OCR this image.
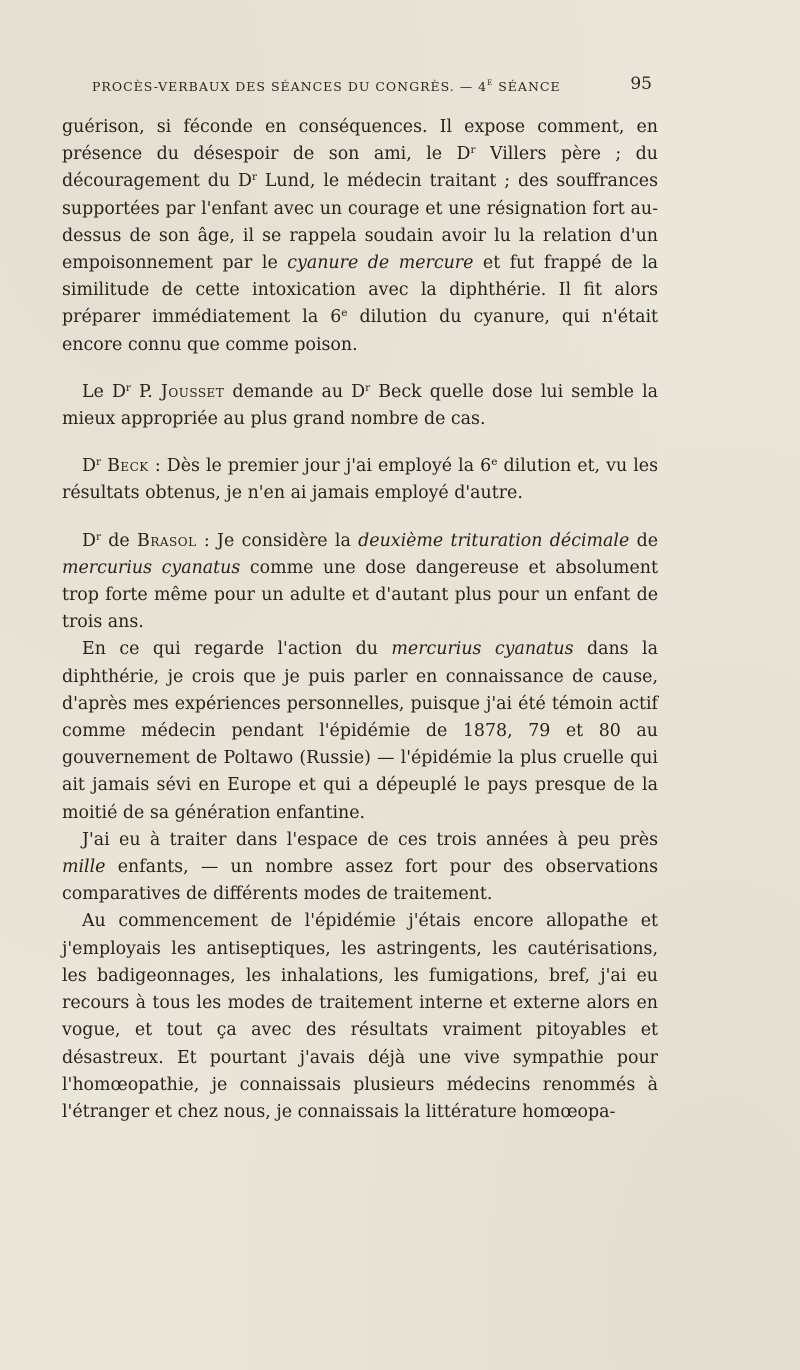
PROCÈS-VERBAUX DES SÉANCES DU CONGRÈS. — 4e SÉANCE	95

guérison, si féconde en conséquences. Il expose comment, en présence du désespoir de son ami, le $D^r$ Villers père ; du découragement du $D^r$ Lund, le médecin traitant ; des souffrances supportées par l'enfant avec un courage et une résignation fort au-dessus de son âge, il se rappela soudain avoir lu la relation d'un empoisonnement par le cyanure de mercure et fut frappé de la similitude de cette intoxication avec la diphthérie. Il fit alors préparer immédiatement la 6e dilution du cyanure, qui n'était encore connu que comme poison.

Le $D^r$ P. Jousset demande au $D^r$ Beck quelle dose lui semble la mieux appropriée au plus grand nombre de cas.

$D^r$ Beck : Dès le premier jour j'ai employé la 6e dilution et, vu les résultats obtenus, je n'en ai jamais employé d'autre.

$D^r$ de Brasol : Je considère la deuxième trituration décimale de mercurius cyanatus comme une dose dangereuse et absolument trop forte même pour un adulte et d'autant plus pour un enfant de trois ans.

En ce qui regarde l'action du mercurius cyanatus dans la diphthérie, je crois que je puis parler en connaissance de cause, d'après mes expériences personnelles, puisque j'ai été témoin actif comme médecin pendant l'épidémie de 1878, 79 et 80 au gouvernement de Poltawo (Russie) — l'épidémie la plus cruelle qui ait jamais sévi en Europe et qui a dépeuplé le pays presque de la moitié de sa génération enfantine.

J'ai eu à traiter dans l'espace de ces trois années à peu près mille enfants, — un nombre assez fort pour des observations comparatives de différents modes de traitement.

Au commencement de l'épidémie j'étais encore allopathe et j'employais les antiseptiques, les astringents, les cautérisations, les badigeonnages, les inhalations, les fumigations, bref, j'ai eu recours à tous les modes de traitement interne et externe alors en vogue, et tout ça avec des résultats vraiment pitoyables et désastreux. Et pourtant j'avais déjà une vive sympathie pour l'homœopathie, je connaissais plusieurs médecins renommés à l'étranger et chez nous, je connaissais la littérature homœopa-
